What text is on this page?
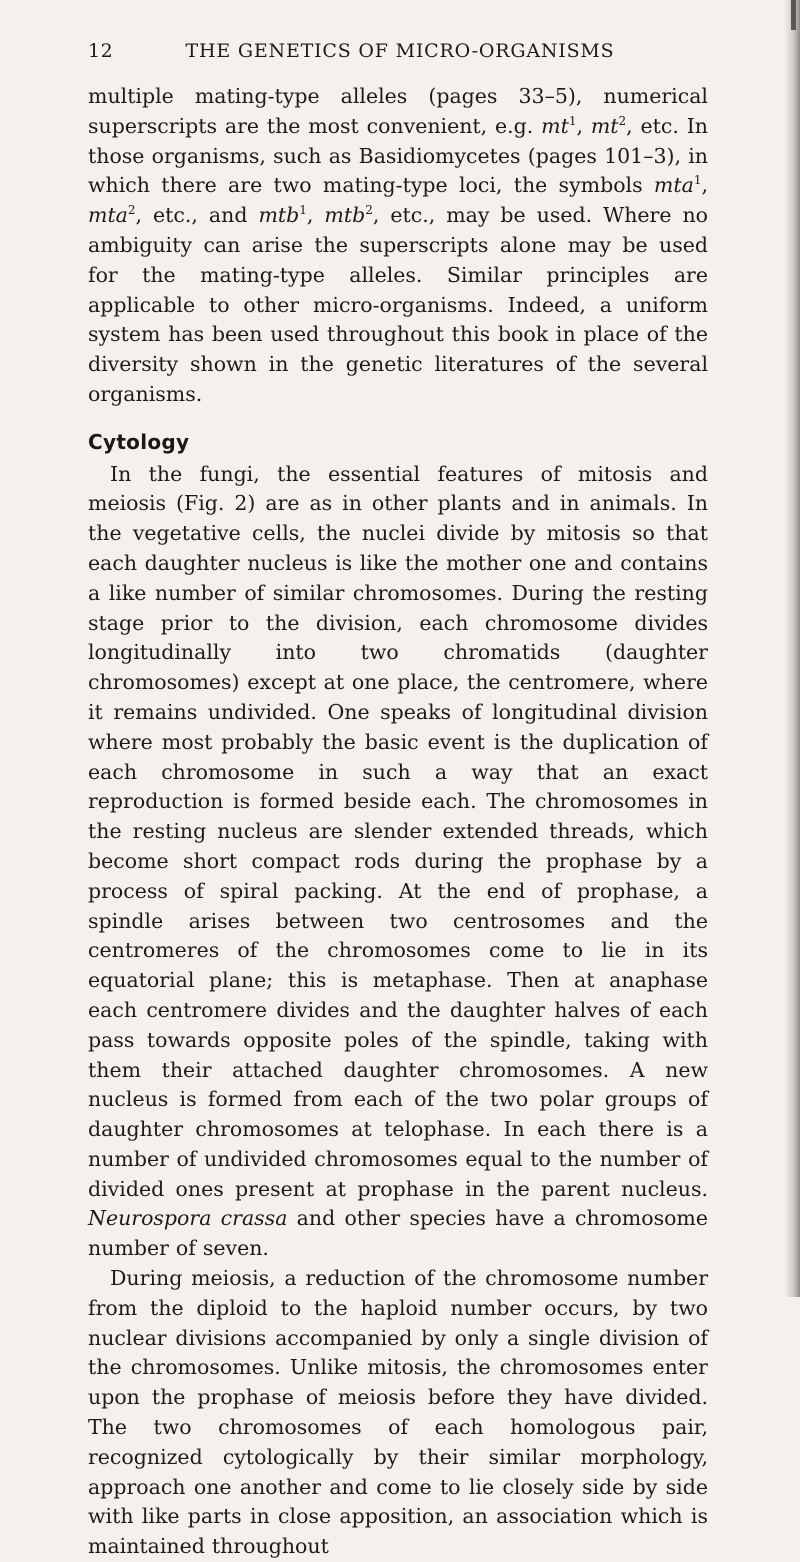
12	THE GENETICS OF MICRO-ORGANISMS

multiple mating-type alleles (pages 33–5), numerical superscripts are the most convenient, e.g. $mt^1$, $mt^2$, etc. In those organisms, such as Basidiomycetes (pages 101–3), in which there are two mating-type loci, the symbols mta$^1$, mta$^2$, etc., and mtb$^1$, mtb$^2$, etc., may be used. Where no ambiguity can arise the superscripts alone may be used for the mating-type alleles. Similar principles are applicable to other micro-organisms. Indeed, a uniform system has been used throughout this book in place of the diversity shown in the genetic literatures of the several organisms.

Cytology

In the fungi, the essential features of mitosis and meiosis (Fig. 2) are as in other plants and in animals. In the vegetative cells, the nuclei divide by mitosis so that each daughter nucleus is like the mother one and contains a like number of similar chromosomes. During the resting stage prior to the division, each chromosome divides longitudinally into two chromatids (daughter chromosomes) except at one place, the centromere, where it remains undivided. One speaks of longitudinal division where most probably the basic event is the duplication of each chromosome in such a way that an exact reproduction is formed beside each. The chromosomes in the resting nucleus are slender extended threads, which become short compact rods during the prophase by a process of spiral packing. At the end of prophase, a spindle arises between two centrosomes and the centromeres of the chromosomes come to lie in its equatorial plane; this is metaphase. Then at anaphase each centromere divides and the daughter halves of each pass towards opposite poles of the spindle, taking with them their attached daughter chromosomes. A new nucleus is formed from each of the two polar groups of daughter chromosomes at telophase. In each there is a number of undivided chromosomes equal to the number of divided ones present at prophase in the parent nucleus. Neurospora crassa and other species have a chromosome number of seven.

During meiosis, a reduction of the chromosome number from the diploid to the haploid number occurs, by two nuclear divisions accompanied by only a single division of the chromosomes. Unlike mitosis, the chromosomes enter upon the prophase of meiosis before they have divided. The two chromosomes of each homologous pair, recognized cytologically by their similar morphology, approach one another and come to lie closely side by side with like parts in close apposition, an association which is maintained throughout
